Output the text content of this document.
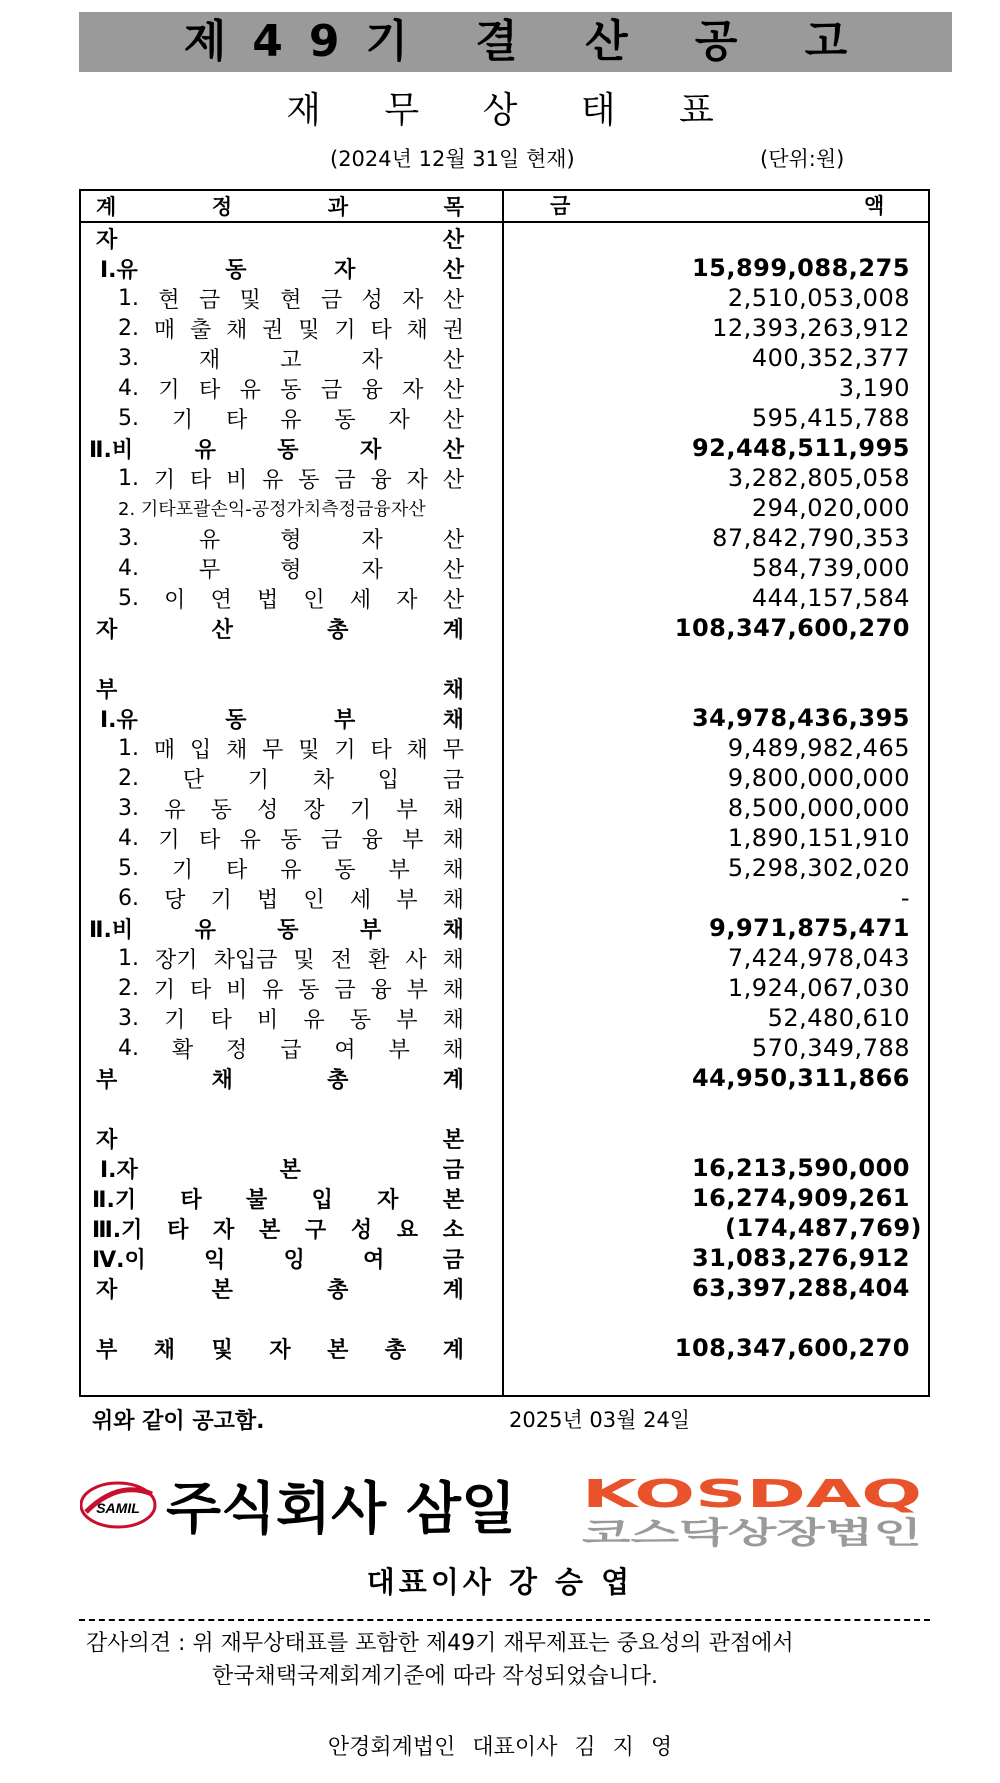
제49기 결 산 공 고
재 무 상 태 표
(2024년 12월 31일 현재)	(단위:원)
계	정	과	목	금	액
자	산
Ⅰ.유	동	자	산	15,899,088,275
1. 현 금 및 현 금 성 자 산	2,510,053,008
2. 매 출 채 권 및 기 타 채 권	12,393,263,912
3.	재	고	자	산	400,352,377
4. 기 타 유 동 금 융 자 산	3,190
5. 기 타 유 동 자 산	595,415,788
Ⅱ.비	유	동	자	산	92,448,511,995
1. 기 타 비 유 동 금 융 자 산	3,282,805,058
2. 기타포괄손익-공정가치측정금융자산	294,020,000
3.	유	형	자	산	87,842,790,353
4.	무	형	자	산	584,739,000
5. 이 연 법 인 세 자 산	444,157,584
자	산	총	계	108,347,600,270
부	채
Ⅰ.유	동	부	채	34,978,436,395
1. 매 입 채 무 및 기 타 채 무	9,489,982,465
2. 단 기 차 입 금	9,800,000,000
3. 유 동 성 장 기 부 채	8,500,000,000
4. 기 타 유 동 금 융 부 채	1,890,151,910
5. 기 타 유 동 부 채	5,298,302,020
6. 당 기 법 인 세 부 채	-
Ⅱ.비	유	동	부	채	9,971,875,471
1. 장기 차입금 및 전 환 사 채	7,424,978,043
2. 기 타 비 유 동 금 융 부 채	1,924,067,030
3. 기 타 비 유 동 부 채	52,480,610
4. 확 정 급 여 부 채	570,349,788
부	채	총	계	44,950,311,866
자	본
Ⅰ.자	본	금	16,213,590,000
Ⅱ.기 타 불 입 자 본	16,274,909,261
Ⅲ.기 타 자 본 구 성 요 소	(174,487,769)
Ⅳ.이	익	잉	여	금	31,083,276,912
자	본	총	계	63,397,288,404
부 채 및 자 본 총 계	108,347,600,270
위와 같이 공고함.	2025년 03월 24일
SAMIL 주식회사 삼일 KOSDAQ
코스닥상장법인
대표이사 강 승 엽
감사의견 : 위 재무상태표를 포함한 제49기 재무제표는 중요성의 관점에서
한국채택국제회계기준에 따라 작성되었습니다.
안경회계법인 대표이사 김 지 영
